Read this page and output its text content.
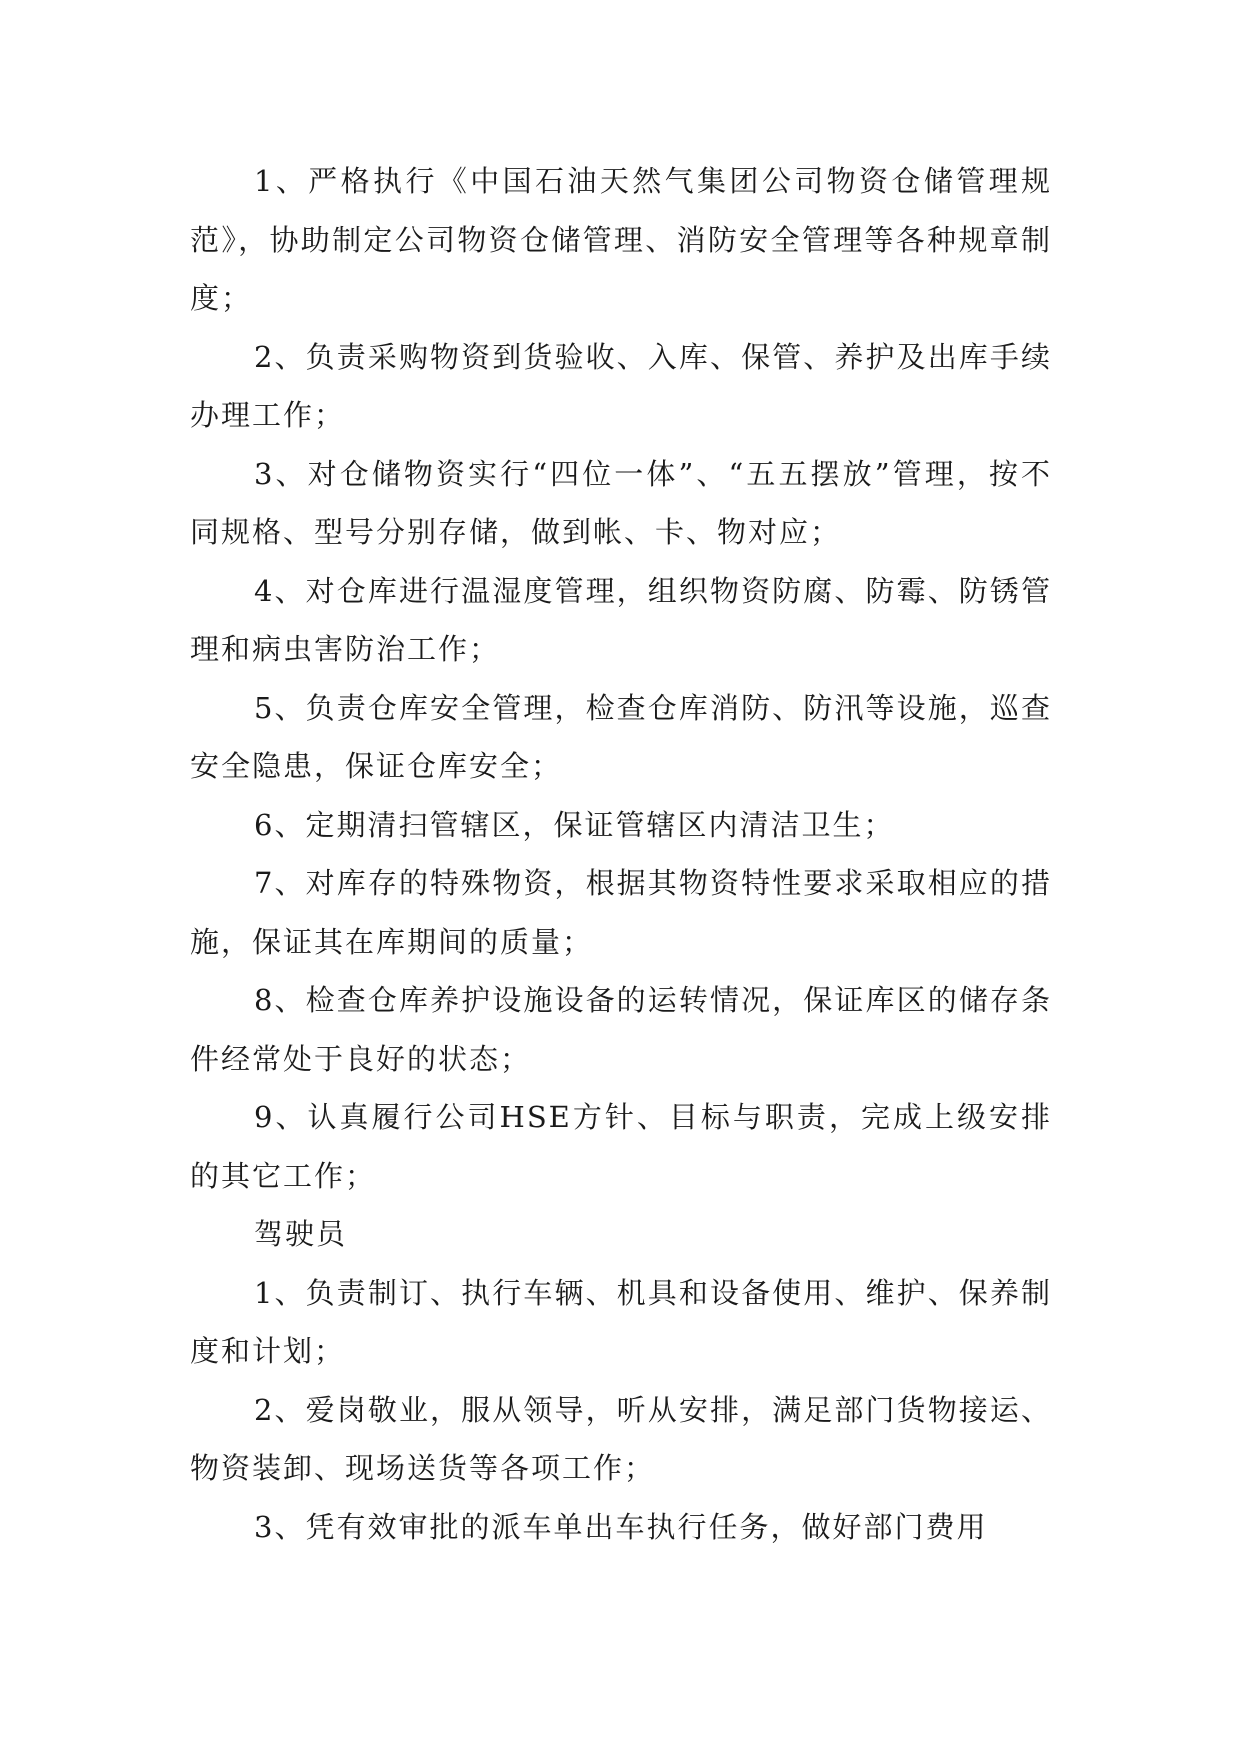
1、严格执行《中国石油天然气集团公司物资仓储管理规范》，协助制定公司物资仓储管理、消防安全管理等各种规章制度；

2、负责采购物资到货验收、入库、保管、养护及出库手续办理工作；

3、对仓储物资实行“四位一体”、“五五摆放”管理，按不同规格、型号分别存储，做到帐、卡、物对应；

4、对仓库进行温湿度管理，组织物资防腐、防霉、防锈管理和病虫害防治工作；

5、负责仓库安全管理，检查仓库消防、防汛等设施，巡查安全隐患，保证仓库安全；

6、定期清扫管辖区，保证管辖区内清洁卫生；

7、对库存的特殊物资，根据其物资特性要求采取相应的措施，保证其在库期间的质量；

8、检查仓库养护设施设备的运转情况，保证库区的储存条件经常处于良好的状态；

9、认真履行公司HSE方针、目标与职责，完成上级安排的其它工作；

驾驶员

1、负责制订、执行车辆、机具和设备使用、维护、保养制度和计划；

2、爱岗敬业，服从领导，听从安排，满足部门货物接运、物资装卸、现场送货等各项工作；

3、凭有效审批的派车单出车执行任务，做好部门费用
